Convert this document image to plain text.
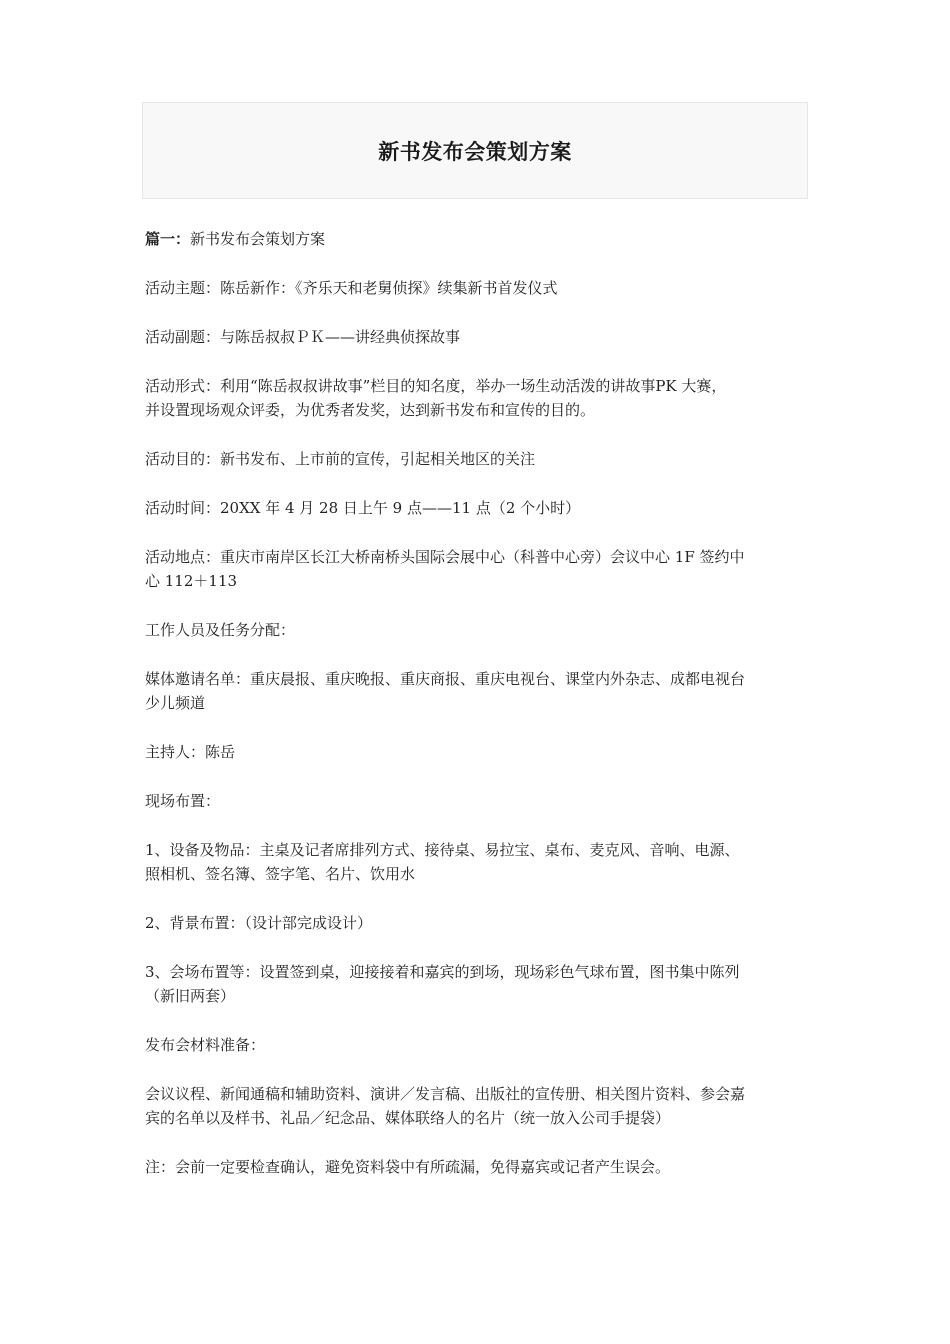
新书发布会策划方案

篇一：新书发布会策划方案

活动主题：陈岳新作：《齐乐天和老舅侦探》续集新书首发仪式

活动副题：与陈岳叔叔ＰＫ——讲经典侦探故事

活动形式：利用“陈岳叔叔讲故事”栏目的知名度，举办一场生动活泼的讲故事PK 大赛，
并设置现场观众评委，为优秀者发奖，达到新书发布和宣传的目的。

活动目的：新书发布、上市前的宣传，引起相关地区的关注

活动时间：20XX 年 4 月 28 日上午 9 点——11 点（2 个小时）

活动地点：重庆市南岸区长江大桥南桥头国际会展中心（科普中心旁）会议中心 1F 签约中
心 112＋113

工作人员及任务分配：

媒体邀请名单：重庆晨报、重庆晚报、重庆商报、重庆电视台、课堂内外杂志、成都电视台
少儿频道

主持人：陈岳

现场布置：

1、设备及物品：主桌及记者席排列方式、接待桌、易拉宝、桌布、麦克风、音响、电源、
照相机、签名簿、签字笔、名片、饮用水

2、背景布置：（设计部完成设计）

3、会场布置等：设置签到桌，迎接接着和嘉宾的到场，现场彩色气球布置，图书集中陈列
（新旧两套）

发布会材料准备：

会议议程、新闻通稿和辅助资料、演讲／发言稿、出版社的宣传册、相关图片资料、参会嘉
宾的名单以及样书、礼品／纪念品、媒体联络人的名片（统一放入公司手提袋）

注：会前一定要检查确认，避免资料袋中有所疏漏，免得嘉宾或记者产生误会。
